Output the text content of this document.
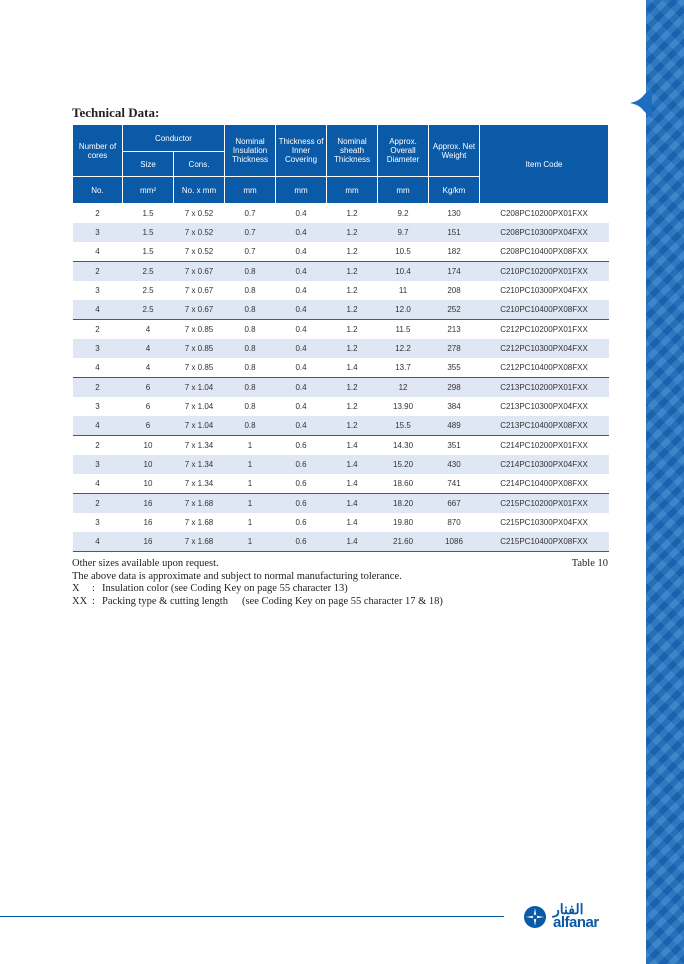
Technical Data:
Number of cores	Conductor		Nominal Insulation Thickness	Thickness of Inner Covering	Nominal sheath Thickness	Approx. Overall Diameter	Approx. Net Weight	Item Code
	Size	Cons.						
No.	mm²	No. x mm	mm	mm	mm	mm	Kg/km	
2	1.5	7 x 0.52	0.7	0.4	1.2	9.2	130	C208PC10200PX01FXX
3	1.5	7 x 0.52	0.7	0.4	1.2	9.7	151	C208PC10300PX04FXX
4	1.5	7 x 0.52	0.7	0.4	1.2	10.5	182	C208PC10400PX08FXX
2	2.5	7 x 0.67	0.8	0.4	1.2	10.4	174	C210PC10200PX01FXX
3	2.5	7 x 0.67	0.8	0.4	1.2	11	208	C210PC10300PX04FXX
4	2.5	7 x 0.67	0.8	0.4	1.2	12.0	252	C210PC10400PX08FXX
2	4	7 x 0.85	0.8	0.4	1.2	11.5	213	C212PC10200PX01FXX
3	4	7 x 0.85	0.8	0.4	1.2	12.2	278	C212PC10300PX04FXX
4	4	7 x 0.85	0.8	0.4	1.4	13.7	355	C212PC10400PX08FXX
2	6	7 x 1.04	0.8	0.4	1.2	12	298	C213PC10200PX01FXX
3	6	7 x 1.04	0.8	0.4	1.2	13.90	384	C213PC10300PX04FXX
4	6	7 x 1.04	0.8	0.4	1.2	15.5	489	C213PC10400PX08FXX
2	10	7 x 1.34	1	0.6	1.4	14.30	351	C214PC10200PX01FXX
3	10	7 x 1.34	1	0.6	1.4	15.20	430	C214PC10300PX04FXX
4	10	7 x 1.34	1	0.6	1.4	18.60	741	C214PC10400PX08FXX
2	16	7 x 1.68	1	0.6	1.4	18.20	667	C215PC10200PX01FXX
3	16	7 x 1.68	1	0.6	1.4	19.80	870	C215PC10300PX04FXX
4	16	7 x 1.68	1	0.6	1.4	21.60	1086	C215PC10400PX08FXX
Other sizes available upon request.	Table 10
The above data is approximate and subject to normal manufacturing tolerance.
X : Insulation color (see Coding Key on page 55 character 13)
XX : Packing type & cutting length (see Coding Key on page 55 character 17 & 18)
الفنار
alfanar
